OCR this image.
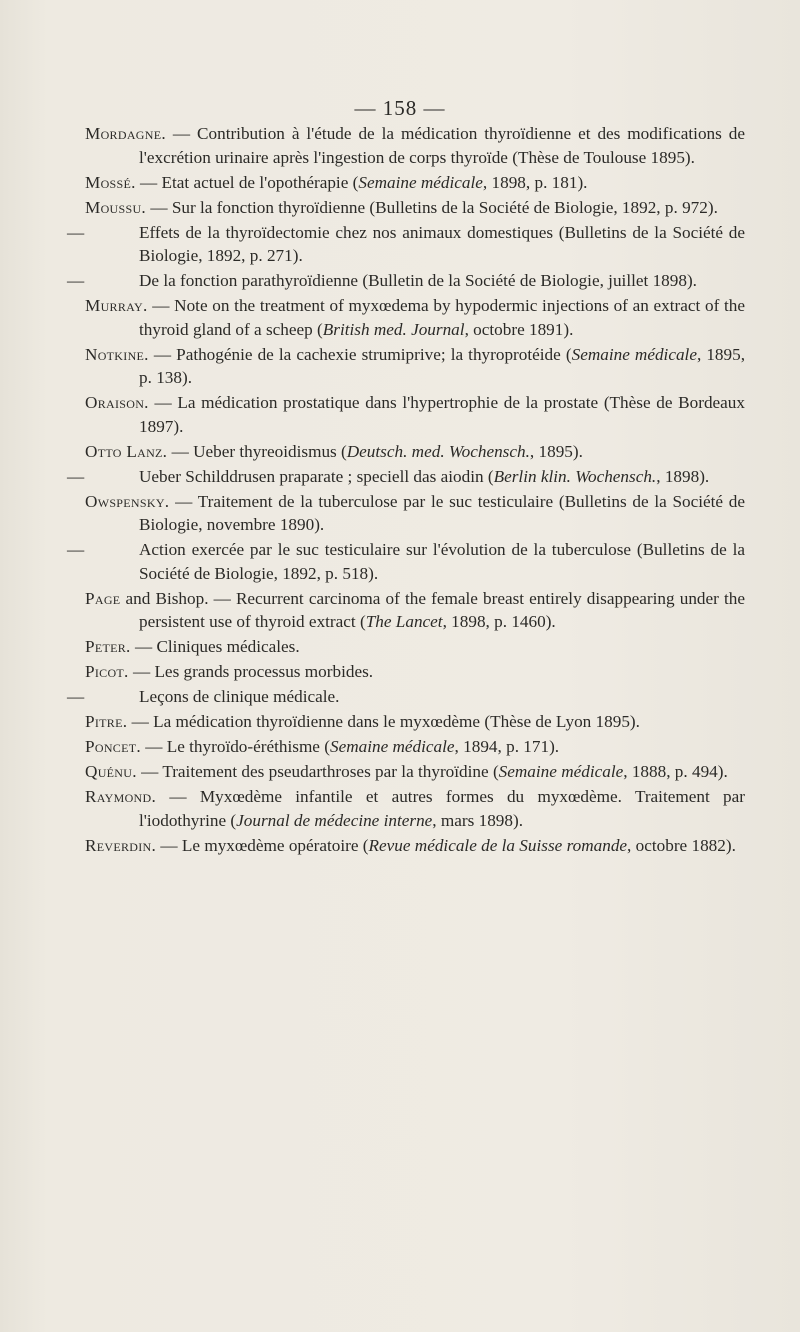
— 158 —

Mordagne. — Contribution à l'étude de la médication thyroïdienne et des modifications de l'excrétion urinaire après l'ingestion de corps thyroïde (Thèse de Toulouse 1895).

Mossé. — Etat actuel de l'opothérapie (Semaine médicale, 1898, p. 181).

Moussu. — Sur la fonction thyroïdienne (Bulletins de la Société de Biologie, 1892, p. 972).

—	Effets de la thyroïdectomie chez nos animaux domestiques (Bulletins de la Société de Biologie, 1892, p. 271).

—	De la fonction parathyroïdienne (Bulletin de la Société de Biologie, juillet 1898).

Murray. — Note on the treatment of myxœdema by hypodermic injections of an extract of the thyroid gland of a scheep (British med. Journal, octobre 1891).

Notkine. — Pathogénie de la cachexie strumiprive; la thyroprotéide (Semaine médicale, 1895, p. 138).

Oraison. — La médication prostatique dans l'hypertrophie de la prostate (Thèse de Bordeaux 1897).

Otto Lanz. — Ueber thyreoidismus (Deutsch. med. Wochensch., 1895).

—	Ueber Schilddrusen praparate ; speciell das aiodin (Berlin klin. Wochensch., 1898).

Owspensky. — Traitement de la tuberculose par le suc testiculaire (Bulletins de la Société de Biologie, novembre 1890).

—	Action exercée par le suc testiculaire sur l'évolution de la tuberculose (Bulletins de la Société de Biologie, 1892, p. 518).

Page and Bishop. — Recurrent carcinoma of the female breast entirely disappearing under the persistent use of thyroid extract (The Lancet, 1898, p. 1460).

Peter. — Cliniques médicales.

Picot. — Les grands processus morbides.

—	Leçons de clinique médicale.

Pitre. — La médication thyroïdienne dans le myxœdème (Thèse de Lyon 1895).

Poncet. — Le thyroïdo-éréthisme (Semaine médicale, 1894, p. 171).

Quénu. — Traitement des pseudarthroses par la thyroïdine (Semaine médicale, 1888, p. 494).

Raymond. — Myxœdème infantile et autres formes du myxœdème. Traitement par l'iodothyrine (Journal de médecine interne, mars 1898).

Reverdin. — Le myxœdème opératoire (Revue médicale de la Suisse romande, octobre 1882).
